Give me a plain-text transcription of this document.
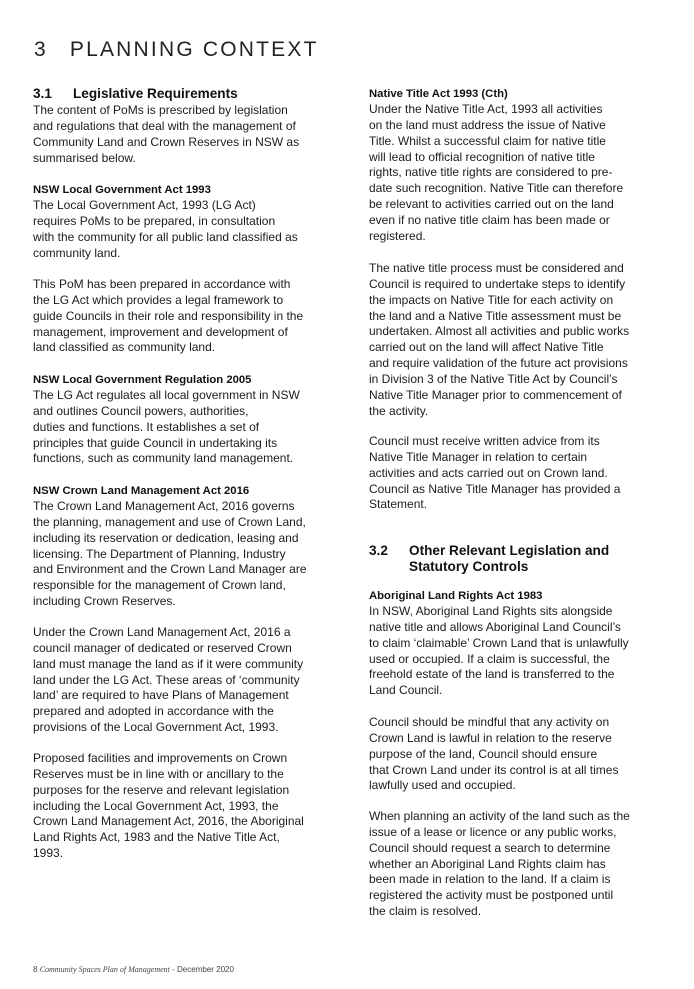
3 PLANNING CONTEXT
3.1 Legislative Requirements
The content of PoMs is prescribed by legislation
and regulations that deal with the management of
Community Land and Crown Reserves in NSW as
summarised below.
NSW Local Government Act 1993
The Local Government Act, 1993 (LG Act)
requires PoMs to be prepared, in consultation
with the community for all public land classified as
community land.
This PoM has been prepared in accordance with
the LG Act which provides a legal framework to
guide Councils in their role and responsibility in the
management, improvement and development of
land classified as community land.
NSW Local Government Regulation 2005
The LG Act regulates all local government in NSW
and outlines Council powers, authorities,
duties and functions. It establishes a set of
principles that guide Council in undertaking its
functions, such as community land management.
NSW Crown Land Management Act 2016
The Crown Land Management Act, 2016 governs
the planning, management and use of Crown Land,
including its reservation or dedication, leasing and
licensing. The Department of Planning, Industry
and Environment and the Crown Land Manager are
responsible for the management of Crown land,
including Crown Reserves.
Under the Crown Land Management Act, 2016 a
council manager of dedicated or reserved Crown
land must manage the land as if it were community
land under the LG Act. These areas of ‘community
land’ are required to have Plans of Management
prepared and adopted in accordance with the
provisions of the Local Government Act, 1993.
Proposed facilities and improvements on Crown
Reserves must be in line with or ancillary to the
purposes for the reserve and relevant legislation
including the Local Government Act, 1993, the
Crown Land Management Act, 2016, the Aboriginal
Land Rights Act, 1983 and the Native Title Act,
1993.
Native Title Act 1993 (Cth)
Under the Native Title Act, 1993 all activities
on the land must address the issue of Native
Title. Whilst a successful claim for native title
will lead to official recognition of native title
rights, native title rights are considered to pre-
date such recognition. Native Title can therefore
be relevant to activities carried out on the land
even if no native title claim has been made or
registered.
The native title process must be considered and
Council is required to undertake steps to identify
the impacts on Native Title for each activity on
the land and a Native Title assessment must be
undertaken. Almost all activities and public works
carried out on the land will affect Native Title
and require validation of the future act provisions
in Division 3 of the Native Title Act by Council’s
Native Title Manager prior to commencement of
the activity.
Council must receive written advice from its
Native Title Manager in relation to certain
activities and acts carried out on Crown land.
Council as Native Title Manager has provided a
Statement.
3.2 Other Relevant Legislation and
Statutory Controls
Aboriginal Land Rights Act 1983
In NSW, Aboriginal Land Rights sits alongside
native title and allows Aboriginal Land Council’s
to claim ‘claimable’ Crown Land that is unlawfully
used or occupied. If a claim is successful, the
freehold estate of the land is transferred to the
Land Council.
Council should be mindful that any activity on
Crown Land is lawful in relation to the reserve
purpose of the land, Council should ensure
that Crown Land under its control is at all times
lawfully used and occupied.
When planning an activity of the land such as the
issue of a lease or licence or any public works,
Council should request a search to determine
whether an Aboriginal Land Rights claim has
been made in relation to the land. If a claim is
registered the activity must be postponed until
the claim is resolved.
8 Community Spaces Plan of Management - December 2020
